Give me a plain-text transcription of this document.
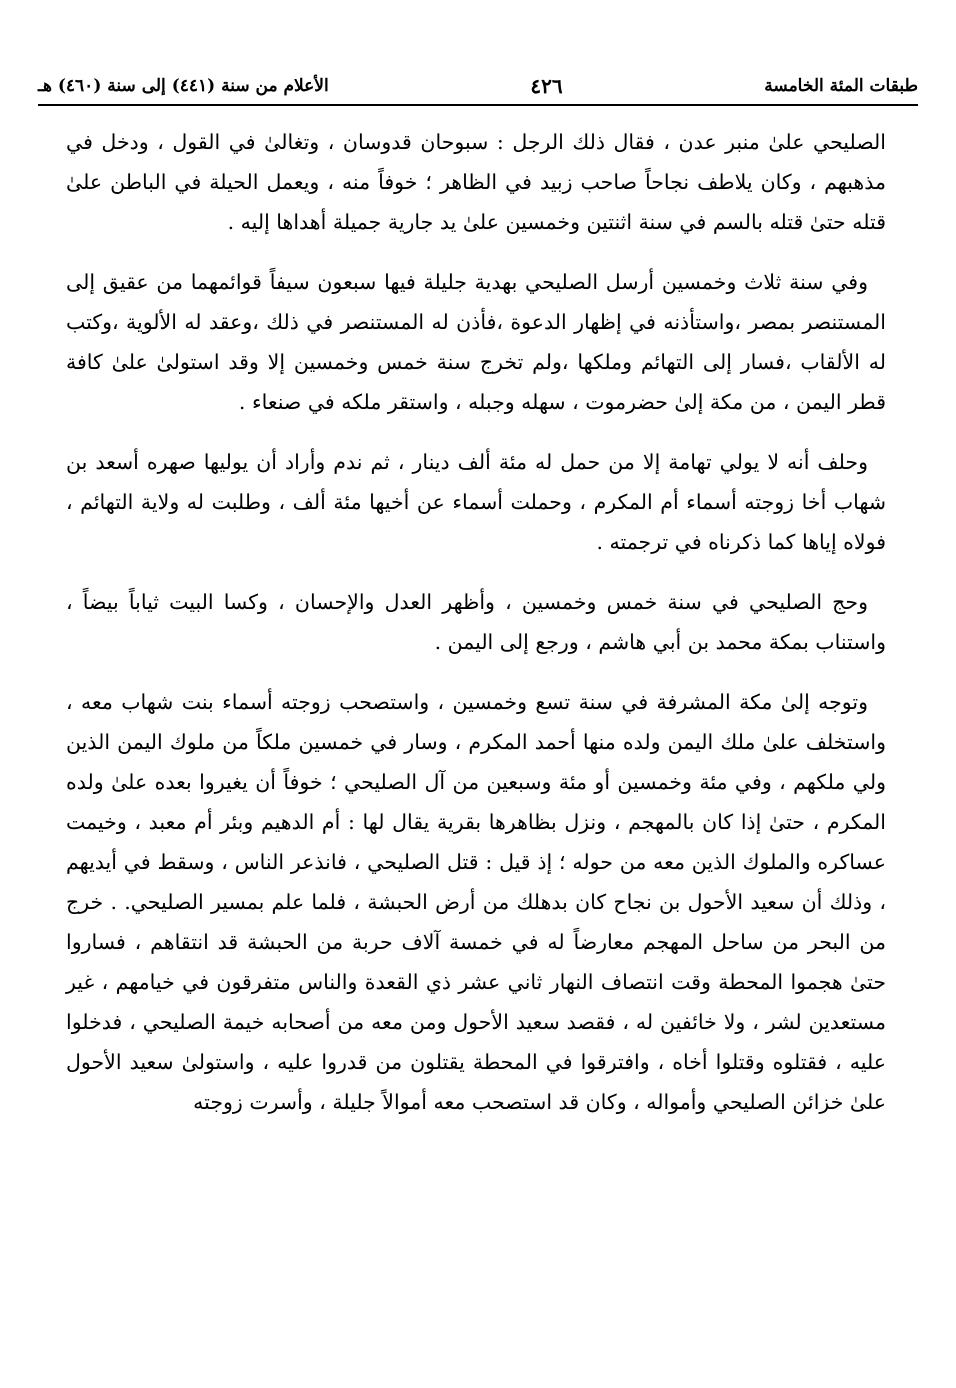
طبقات المئة الخامسة
٤٢٦
الأعلام من سنة (٤٤١) إلى سنة (٤٦٠) هـ

الصليحي علىٰ منبر عدن ، فقال ذلك الرجل : سبوحان قدوسان ، وتغالىٰ في القول ، ودخل في مذهبهم ، وكان يلاطف نجاحاً صاحب زبيد في الظاهر ؛ خوفاً منه ، ويعمل الحيلة في الباطن علىٰ قتله حتىٰ قتله بالسم في سنة اثنتين وخمسين علىٰ يد جارية جميلة أهداها إليه .

وفي سنة ثلاث وخمسين أرسل الصليحي بهدية جليلة فيها سبعون سيفاً قوائمهما من عقيق إلى المستنصر بمصر ،واستأذنه في إظهار الدعوة ،فأذن له المستنصر في ذلك ،وعقد له الألوية ،وكتب له الألقاب ،فسار إلى التهائم وملكها ،ولم تخرج سنة خمس وخمسين إلا وقد استولىٰ علىٰ كافة قطر اليمن ، من مكة إلىٰ حضرموت ، سهله وجبله ، واستقر ملكه في صنعاء .

وحلف أنه لا يولي تهامة إلا من حمل له مئة ألف دينار ، ثم ندم وأراد أن يوليها صهره أسعد بن شهاب أخا زوجته أسماء أم المكرم ، وحملت أسماء عن أخيها مئة ألف ، وطلبت له ولاية التهائم ، فولاه إياها كما ذكرناه في ترجمته .

وحج الصليحي في سنة خمس وخمسين ، وأظهر العدل والإحسان ، وكسا البيت ثياباً بيضاً ، واستناب بمكة محمد بن أبي هاشم ، ورجع إلى اليمن .

وتوجه إلىٰ مكة المشرفة في سنة تسع وخمسين ، واستصحب زوجته أسماء بنت شهاب معه ، واستخلف علىٰ ملك اليمن ولده منها أحمد المكرم ، وسار في خمسين ملكاً من ملوك اليمن الذين ولي ملكهم ، وفي مئة وخمسين أو مئة وسبعين من آل الصليحي ؛ خوفاً أن يغيروا بعده علىٰ ولده المكرم ، حتىٰ إذا كان بالمهجم ، ونزل بظاهرها بقرية يقال لها : أم الدهيم وبئر أم معبد ، وخيمت عساكره والملوك الذين معه من حوله ؛ إذ قيل : قتل الصليحي ، فانذعر الناس ، وسقط في أيديهم ، وذلك أن سعيد الأحول بن نجاح كان بدهلك من أرض الحبشة ، فلما علم بمسير الصليحي. . خرج من البحر من ساحل المهجم معارضاً له في خمسة آلاف حربة من الحبشة قد انتقاهم ، فساروا حتىٰ هجموا المحطة وقت انتصاف النهار ثاني عشر ذي القعدة والناس متفرقون في خيامهم ، غير مستعدين لشر ، ولا خائفين له ، فقصد سعيد الأحول ومن معه من أصحابه خيمة الصليحي ، فدخلوا عليه ، فقتلوه وقتلوا أخاه ، وافترقوا في المحطة يقتلون من قدروا عليه ، واستولىٰ سعيد الأحول علىٰ خزائن الصليحي وأمواله ، وكان قد استصحب معه أموالاً جليلة ، وأسرت زوجته
